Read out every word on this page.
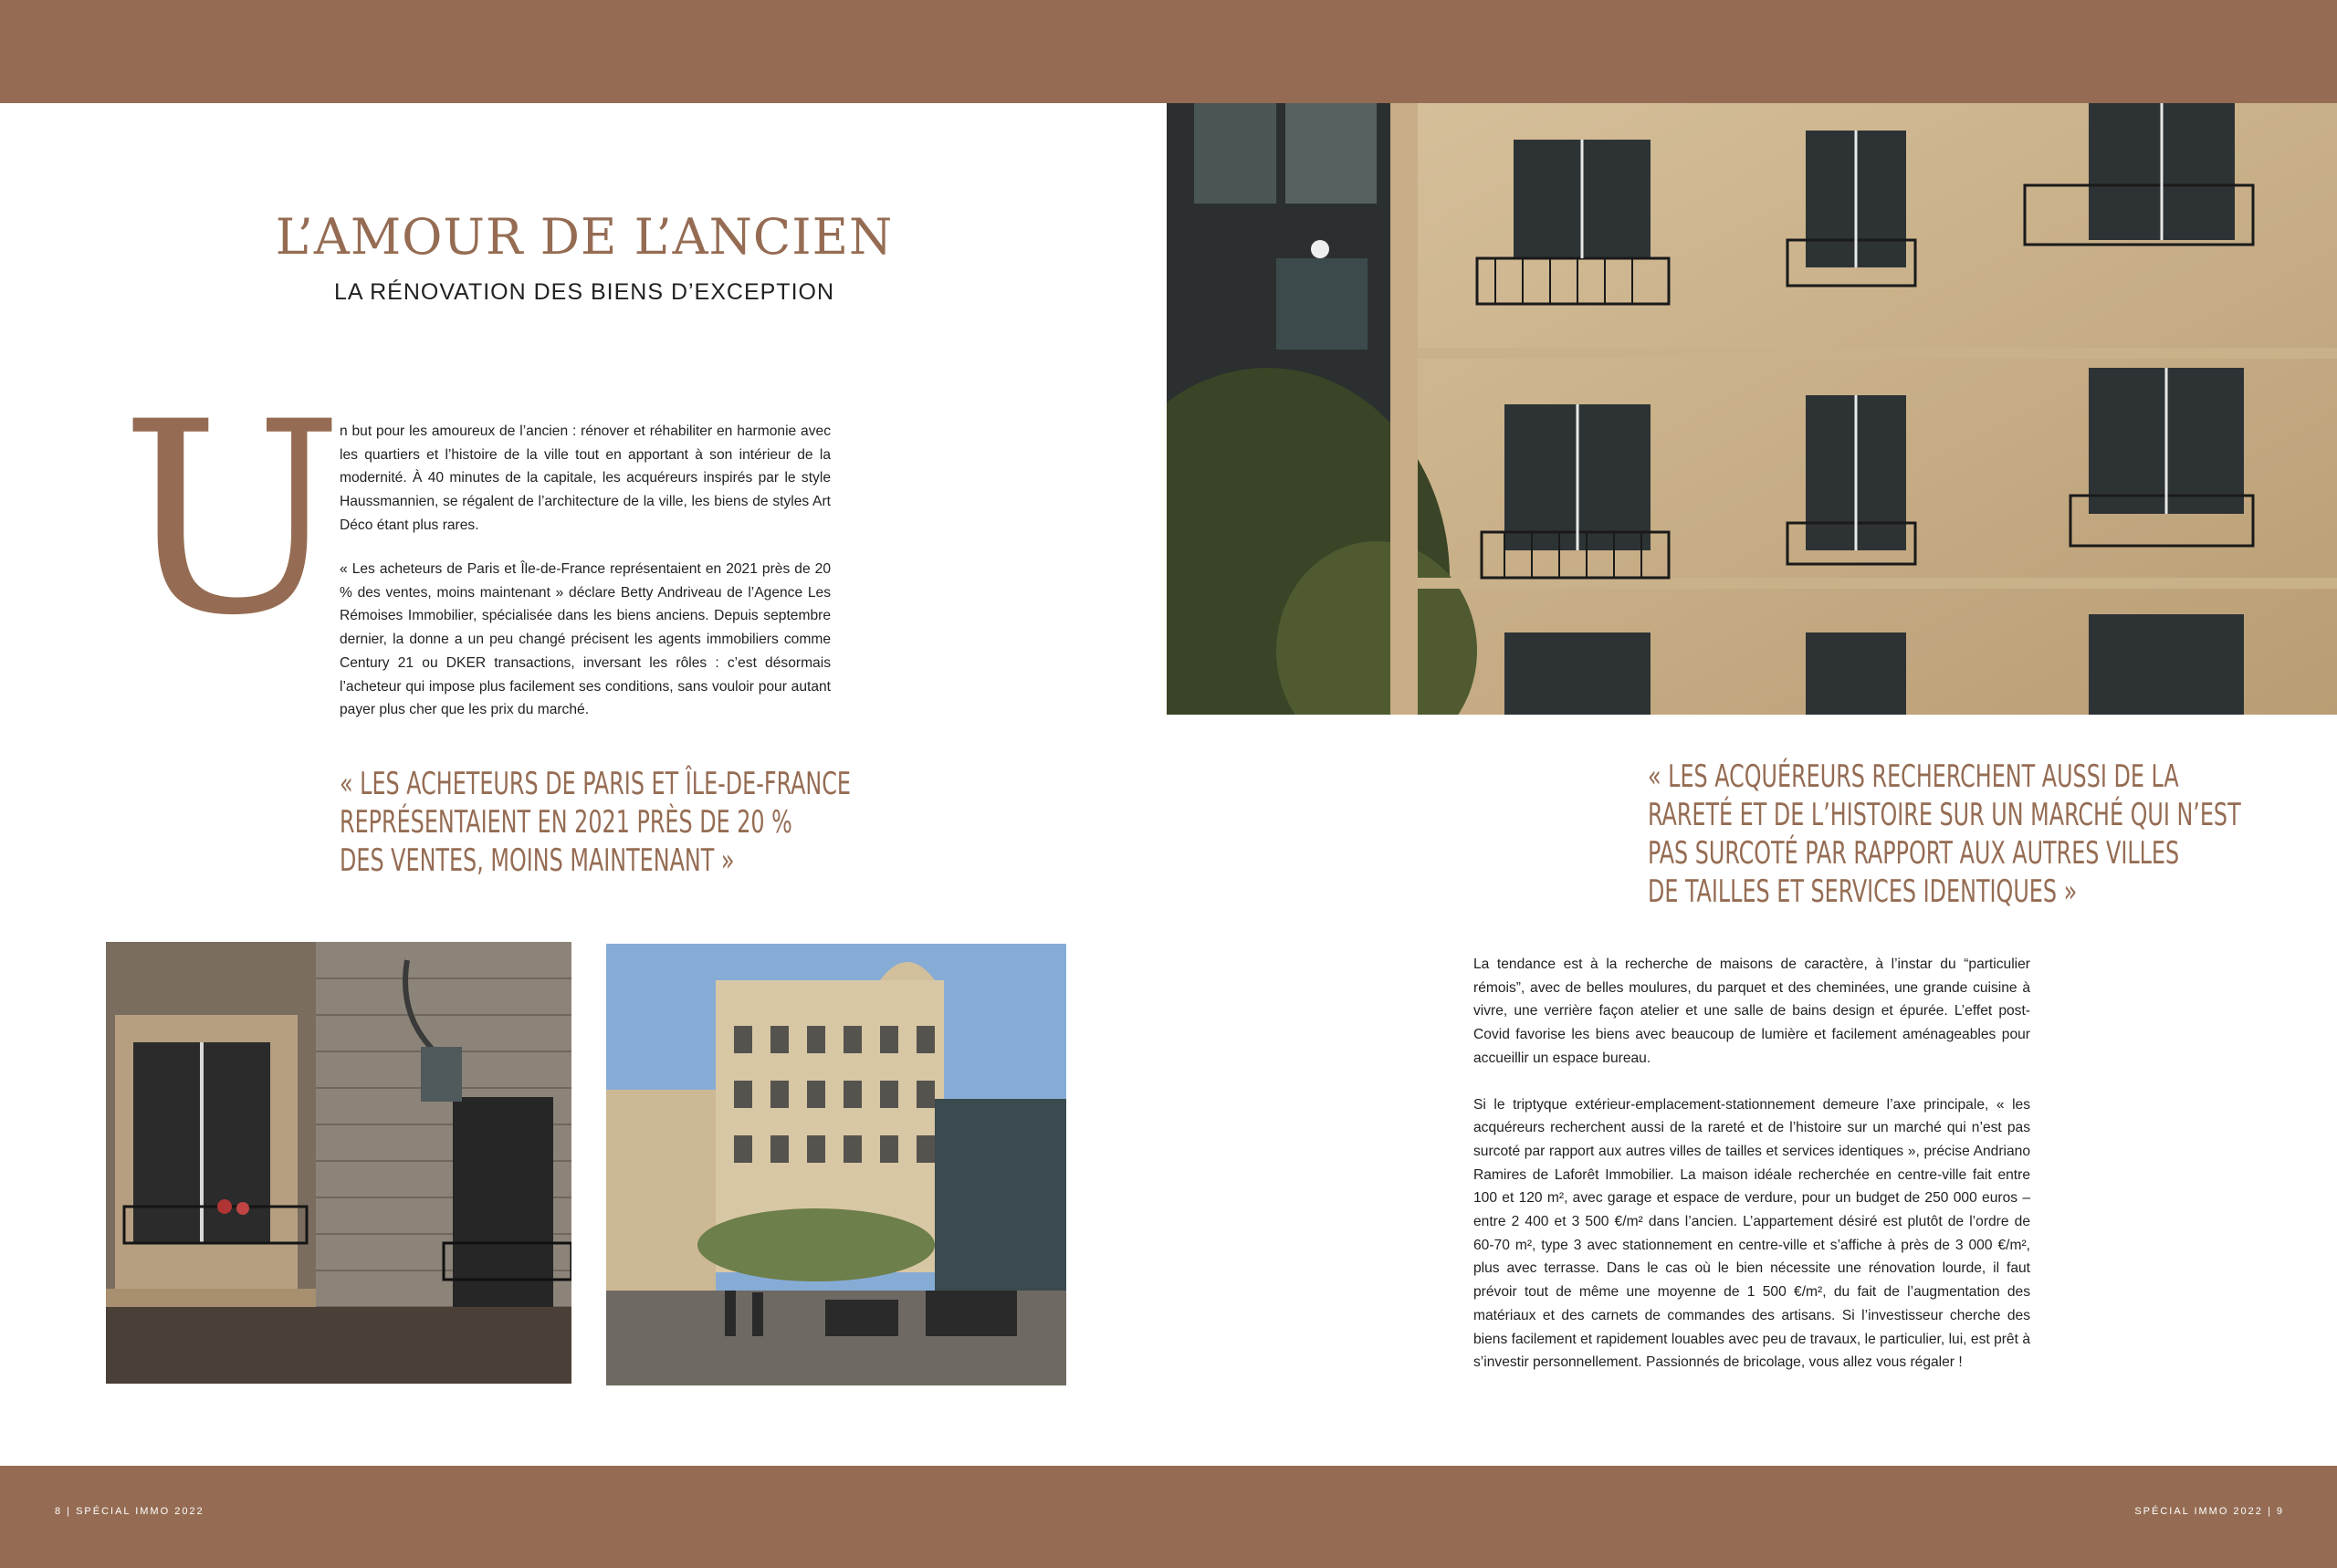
L’AMOUR DE L’ANCIEN
LA RÉNOVATION DES BIENS D’EXCEPTION
U

n but pour les amoureux de l’ancien : rénover et réhabiliter en harmonie avec les quartiers et l’histoire de la ville tout en apportant à son intérieur de la modernité. À 40 minutes de la capitale, les acquéreurs inspirés par le style Haussmannien, se régalent de l’architecture de la ville, les biens de styles Art Déco étant plus rares.

« Les acheteurs de Paris et Île-de-France représentaient en 2021 près de 20 % des ventes, moins maintenant » déclare Betty Andriveau de l’Agence Les Rémoises Immobilier, spécialisée dans les biens anciens. Depuis septembre dernier, la donne a un peu changé précisent les agents immobiliers comme Century 21 ou DKER transactions, inversant les rôles : c’est désormais l’acheteur qui impose plus facilement ses conditions, sans vouloir pour autant payer plus cher que les prix du marché.

« LES ACHETEURS DE PARIS ET ÎLE-DE-FRANCE
REPRÉSENTAIENT EN 2021 PRÈS DE 20 %
DES VENTES, MOINS MAINTENANT »
« LES ACQUÉREURS RECHERCHENT AUSSI DE LA
RARETÉ ET DE L’HISTOIRE SUR UN MARCHÉ QUI N’EST
PAS SURCOTÉ PAR RAPPORT AUX AUTRES VILLES
DE TAILLES ET SERVICES IDENTIQUES »

La tendance est à la recherche de maisons de caractère, à l’instar du “particulier rémois”, avec de belles moulures, du parquet et des cheminées, une grande cuisine à vivre, une verrière façon atelier et une salle de bains design et épurée. L’effet post-Covid favorise les biens avec beaucoup de lumière et facilement aménageables pour accueillir un espace bureau.

Si le triptyque extérieur-emplacement-stationnement demeure l’axe principale, « les acquéreurs recherchent aussi de la rareté et de l’histoire sur un marché qui n’est pas surcoté par rapport aux autres villes de tailles et services identiques », précise Andriano Ramires de Laforêt Immobilier. La maison idéale recherchée en centre-ville fait entre 100 et 120 m², avec garage et espace de verdure, pour un budget de 250 000 euros – entre 2 400 et 3 500 €/m² dans l’ancien. L’appartement désiré est plutôt de l’ordre de 60-70 m², type 3 avec stationnement en centre-ville et s’affiche à près de 3 000 €/m², plus avec terrasse. Dans le cas où le bien nécessite une rénovation lourde, il faut prévoir tout de même une moyenne de 1 500 €/m², du fait de l’augmentation des matériaux et des carnets de commandes des artisans. Si l’investisseur cherche des biens facilement et rapidement louables avec peu de travaux, le particulier, lui, est prêt à s’investir personnellement. Passionnés de bricolage, vous allez vous régaler !

8 | SPÉCIAL IMMO 2022	SPÉCIAL IMMO 2022 | 9
